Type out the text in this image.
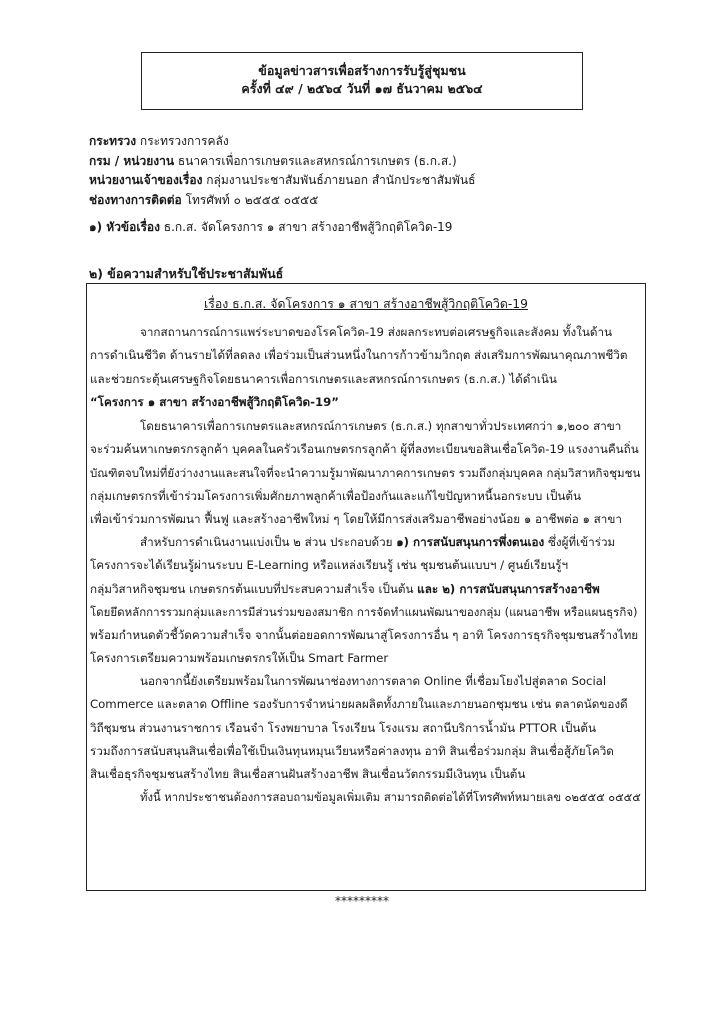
ข้อมูลข่าวสารเพื่อสร้างการรับรู้สู่ชุมชน
ครั้งที่ ๔๙ / ๒๕๖๔ วันที่ ๑๗ ธันวาคม ๒๕๖๔
กระทรวง กระทรวงการคลัง
กรม / หน่วยงาน ธนาคารเพื่อการเกษตรและสหกรณ์การเกษตร (ธ.ก.ส.)
หน่วยงานเจ้าของเรื่อง กลุ่มงานประชาสัมพันธ์ภายนอก สำนักประชาสัมพันธ์
ช่องทางการติดต่อ โทรศัพท์ ๐ ๒๕๕๕ ๐๕๕๕
๑) หัวข้อเรื่อง ธ.ก.ส. จัดโครงการ ๑ สาขา สร้างอาชีพสู้วิกฤติโควิด-19
๒) ข้อความสำหรับใช้ประชาสัมพันธ์
เรื่อง ธ.ก.ส. จัดโครงการ ๑ สาขา สร้างอาชีพสู้วิกฤติโควิด-19
จากสถานการณ์การแพร่ระบาดของโรคโควิด-19 ส่งผลกระทบต่อเศรษฐกิจและสังคม ทั้งในด้าน
การดำเนินชีวิต ด้านรายได้ที่ลดลง เพื่อร่วมเป็นส่วนหนึ่งในการก้าวข้ามวิกฤต ส่งเสริมการพัฒนาคุณภาพชีวิต
และช่วยกระตุ้นเศรษฐกิจโดยธนาคารเพื่อการเกษตรและสหกรณ์การเกษตร (ธ.ก.ส.) ได้ดำเนิน
“โครงการ ๑ สาขา สร้างอาชีพสู้วิกฤติโควิด-19”
โดยธนาคารเพื่อการเกษตรและสหกรณ์การเกษตร (ธ.ก.ส.) ทุกสาขาทั่วประเทศกว่า ๑,๒๐๐ สาขา
จะร่วมค้นหาเกษตรกรลูกค้า บุคคลในครัวเรือนเกษตรกรลูกค้า ผู้ที่ลงทะเบียนขอสินเชื่อโควิด-19 แรงงานคืนถิ่น
บัณฑิตจบใหม่ที่ยังว่างงานและสนใจที่จะนำความรู้มาพัฒนาภาคการเกษตร รวมถึงกลุ่มบุคคล กลุ่มวิสาหกิจชุมชน
กลุ่มเกษตรกรที่เข้าร่วมโครงการเพิ่มศักยภาพลูกค้าเพื่อป้องกันและแก้ไขปัญหาหนี้นอกระบบ เป็นต้น
เพื่อเข้าร่วมการพัฒนา ฟื้นฟู และสร้างอาชีพใหม่ ๆ โดยให้มีการส่งเสริมอาชีพอย่างน้อย ๑ อาชีพต่อ ๑ สาขา
สำหรับการดำเนินงานแบ่งเป็น ๒ ส่วน ประกอบด้วย ๑) การสนับสนุนการพึ่งตนเอง ซึ่งผู้ที่เข้าร่วม
โครงการจะได้เรียนรู้ผ่านระบบ E-Learning หรือแหล่งเรียนรู้ เช่น ชุมชนต้นแบบฯ / ศูนย์เรียนรู้ฯ
กลุ่มวิสาหกิจชุมชน เกษตรกรต้นแบบที่ประสบความสำเร็จ เป็นต้น และ ๒) การสนับสนุนการสร้างอาชีพ
โดยยึดหลักการรวมกลุ่มและการมีส่วนร่วมของสมาชิก การจัดทำแผนพัฒนาของกลุ่ม (แผนอาชีพ หรือแผนธุรกิจ)
พร้อมกำหนดตัวชี้วัดความสำเร็จ จากนั้นต่อยอดการพัฒนาสู่โครงการอื่น ๆ อาทิ โครงการธุรกิจชุมชนสร้างไทย
โครงการเตรียมความพร้อมเกษตรกรให้เป็น Smart Farmer
นอกจากนี้ยังเตรียมพร้อมในการพัฒนาช่องทางการตลาด Online ที่เชื่อมโยงไปสู่ตลาด Social
Commerce และตลาด Offline รองรับการจำหน่ายผลผลิตทั้งภายในและภายนอกชุมชน เช่น ตลาดนัดของดี
วิถีชุมชน ส่วนงานราชการ เรือนจำ โรงพยาบาล โรงเรียน โรงแรม สถานีบริการน้ำมัน PTTOR เป็นต้น
รวมถึงการสนับสนุนสินเชื่อเพื่อใช้เป็นเงินทุนหมุนเวียนหรือค่าลงทุน อาทิ สินเชื่อร่วมกลุ่ม สินเชื่อสู้ภัยโควิด
สินเชื่อธุรกิจชุมชนสร้างไทย สินเชื่อสานฝันสร้างอาชีพ สินเชื่อนวัตกรรมมีเงินทุน เป็นต้น
ทั้งนี้ หากประชาชนต้องการสอบถามข้อมูลเพิ่มเติม สามารถติดต่อได้ที่โทรศัพท์หมายเลข ๐๒๕๕๕ ๐๕๕๕
*********
